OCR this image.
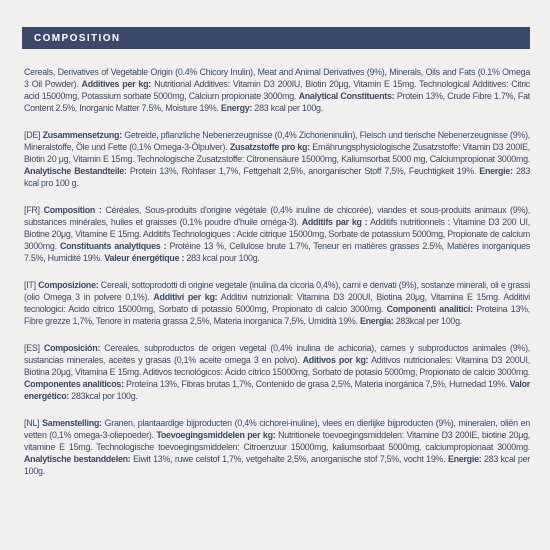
COMPOSITION

Cereals, Derivatives of Vegetable Origin (0.4% Chicory Inulin), Meat and Animal Derivatives (9%), Minerals, Oils and Fats (0.1% Omega 3 Oil Powder). Additives per kg: Nutritional Additives: Vitamin D3 200IU, Biotin 20μg, Vitamin E 15mg. Technological Additives: Citric acid 15000mg, Potassium sorbate 5000mg, Calcium propionate 3000mg. Analytical Constituents: Protein 13%, Crude Fibre 1.7%, Fat Content 2.5%, Inorganic Matter 7.5%, Moisture 19%. Energy: 283 kcal per 100g.

[DE] Zusammensetzung: Getreide, pflanzliche Nebenerzeugnisse (0,4% Zichorieninulin), Fleisch und tierische Nebenerzeugnisse (9%), Mineralstoffe, Öle und Fette (0,1% Omega-3-Ölpulver). Zusatzstoffe pro kg: Ernährungsphysiologische Zusatzstoffe: Vitamin D3 200IE, Biotin 20 μg, Vitamin E 15mg. Technologische Zusatzstoffe: Citronensäure 15000mg, Kaliumsorbat 5000 mg, Calciumpropionat 3000mg. Analytische Bestandteile: Protein 13%, Rohfaser 1,7%, Fettgehalt 2,5%, anorganischer Stoff 7,5%, Feuchtigkeit 19%. Energie: 283 kcal pro 100 g.

[FR] Composition : Céréales, Sous-produits d'origine végétale (0,4% inuline de chicorée), viandes et sous-produits animaux (9%), substances minérales, huiles et graisses (0,1% poudre d'huile oméga-3). Additifs par kg : Additifs nutritionnels : Vitamine D3 200 UI, Biotine 20μg, Vitamine E 15mg. Additifs Technologiques : Acide citrique 15000mg, Sorbate de potassium 5000mg, Propionate de calcium 3000mg. Constituants analytiques : Protéine 13 %, Cellulose brute 1.7%, Teneur en matières grasses 2.5%, Matières inorganiques 7.5%, Humidité 19%. Valeur énergétique : 283 kcal pour 100g.

[IT] Composizione: Cereali, sottoprodotti di origine vegetale (inulina da cicoria 0,4%), carni e derivati (9%), sostanze minerali, oli e grassi (olio Omega 3 in polvere 0,1%). Additivi per kg: Additivi nutrizionali: Vitamina D3 200UI, Biotina 20μg, Vitamina E 15mg. Additivi tecnologici: Acido citrico 15000mg, Sorbato di potassio 5000mg, Propionato di calcio 3000mg. Componenti analitici: Proteina 13%, Fibre grezze 1,7%, Tenore in materia grassa 2,5%, Materia inorganica 7,5%, Umidità 19%. Energia: 283kcal per 100g.

[ES] Composición: Cereales, subproductos de origen vegetal (0,4% inulina de achicoria), carnes y subproductos animales (9%), sustancias minerales, aceites y grasas (0,1% aceite omega 3 en polvo). Aditivos por kg: Aditivos nutricionales: Vitamina D3 200UI, Biotina 20μg, Vitamina E 15mg. Aditivos tecnológicos: Ácido cítrico 15000mg, Sorbato de potasio 5000mg, Propionato de calcio 3000mg. Componentes analíticos: Proteína 13%, Fibras brutas 1,7%, Contenido de grasa 2,5%, Materia inorgánica 7,5%, Humedad 19%. Valor energético: 283kcal por 100g.

[NL] Samenstelling: Granen, plantaardige bijproducten (0,4% cichorei-inuline), vlees en dierlijke bijproducten (9%), mineralen, oliën en vetten (0,1% omega-3-oliepoeder). Toevoegingsmiddelen per kg: Nutritionele toevoegingsmiddelen: Vitamine D3 200IE, biotine 20μg, vitamine E 15mg. Technologische toevoegingsmiddelen: Citroenzuur 15000mg, kaliumsorbaat 5000mg, calciumpropionaat 3000mg. Analytische bestanddelen: Eiwit 13%, ruwe celstof 1,7%, vetgehalte 2,5%, anorganische stof 7,5%, vocht 19%. Energie: 283 kcal per 100g.
